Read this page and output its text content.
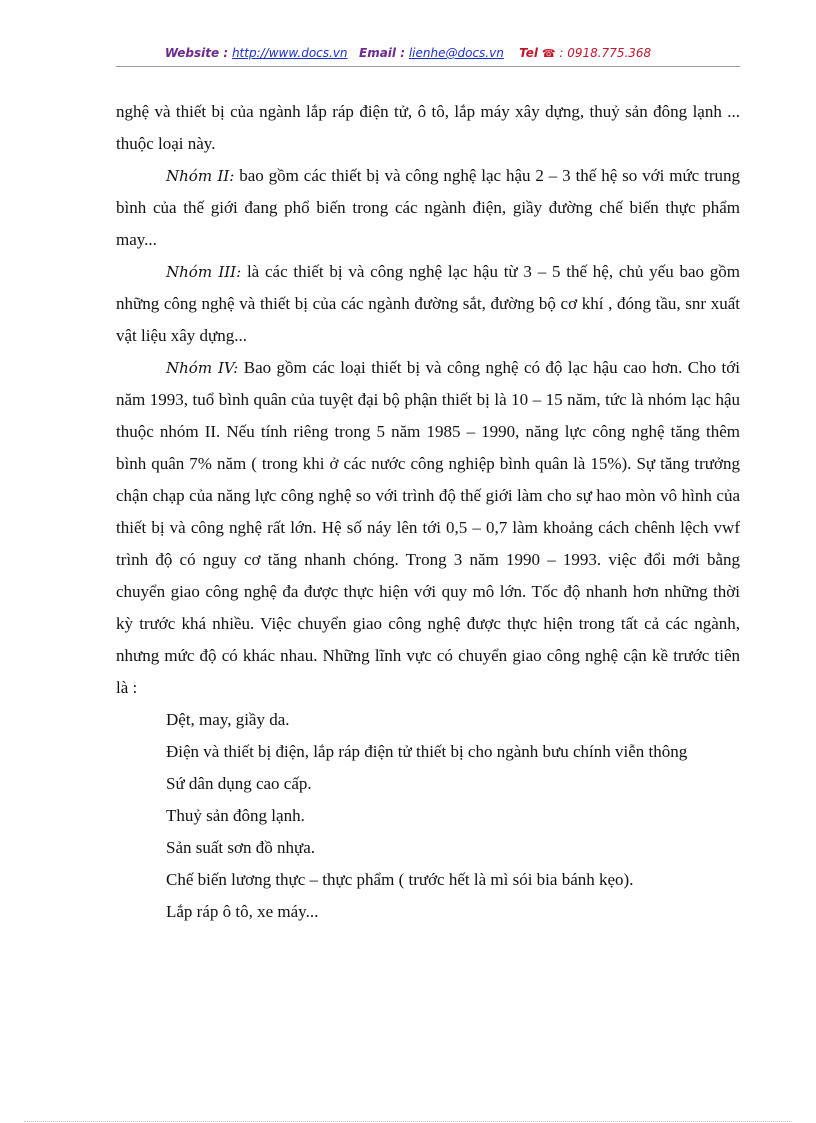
Website : http://www.docs.vn Email : lienhe@docs.vn Tel ☎ : 0918.775.368

nghệ và thiết bị của ngành lắp ráp điện tử, ô tô, lắp máy xây dựng, thuỷ sản đông lạnh ... thuộc loại này.

Nhóm II: bao gồm các thiết bị và công nghệ lạc hậu 2 – 3 thế hệ so với mức trung bình của thế giới đang phổ biến trong các ngành điện, giầy đường chế biến thực phẩm may...

Nhóm III: là các thiết bị và công nghệ lạc hậu từ 3 – 5 thế hệ, chủ yếu bao gồm những công nghệ và thiết bị của các ngành đường sắt, đường bộ cơ khí , đóng tầu, snr xuất vật liệu xây dựng...

Nhóm IV: Bao gồm các loại thiết bị và công nghệ có độ lạc hậu cao hơn. Cho tới năm 1993, tuổ bình quân của tuyệt đại bộ phận thiết bị là 10 – 15 năm, tức là nhóm lạc hậu thuộc nhóm II. Nếu tính riêng trong 5 năm 1985 – 1990, năng lực công nghệ tăng thêm bình quân 7% năm ( trong khi ở các nước công nghiệp bình quân là 15%). Sự tăng trưởng chận chạp của năng lực công nghệ so với trình độ thế giới làm cho sự hao mòn vô hình của thiết bị và công nghệ rất lớn. Hệ số náy lên tới 0,5 – 0,7 làm khoảng cách chênh lệch vwf trình độ có nguy cơ tăng nhanh chóng. Trong 3 năm 1990 – 1993. việc đổi mới bằng chuyển giao công nghệ đa được thực hiện với quy mô lớn. Tốc độ nhanh hơn những thời kỳ trước khá nhiều. Việc chuyển giao công nghệ được thực hiện trong tất cả các ngành, nhưng mức độ có khác nhau. Những lĩnh vực có chuyển giao công nghệ cận kề trước tiên là :

Dệt, may, giầy da.

Điện và thiết bị điện, lắp ráp điện tử thiết bị cho ngành bưu chính viễn thông

Sứ dân dụng cao cấp.

Thuỷ sản đông lạnh.

Sản suất sơn đồ nhựa.

Chế biến lương thực – thực phẩm ( trước hết là mì sói bia bánh kẹo).

Lắp ráp ô tô, xe máy...
